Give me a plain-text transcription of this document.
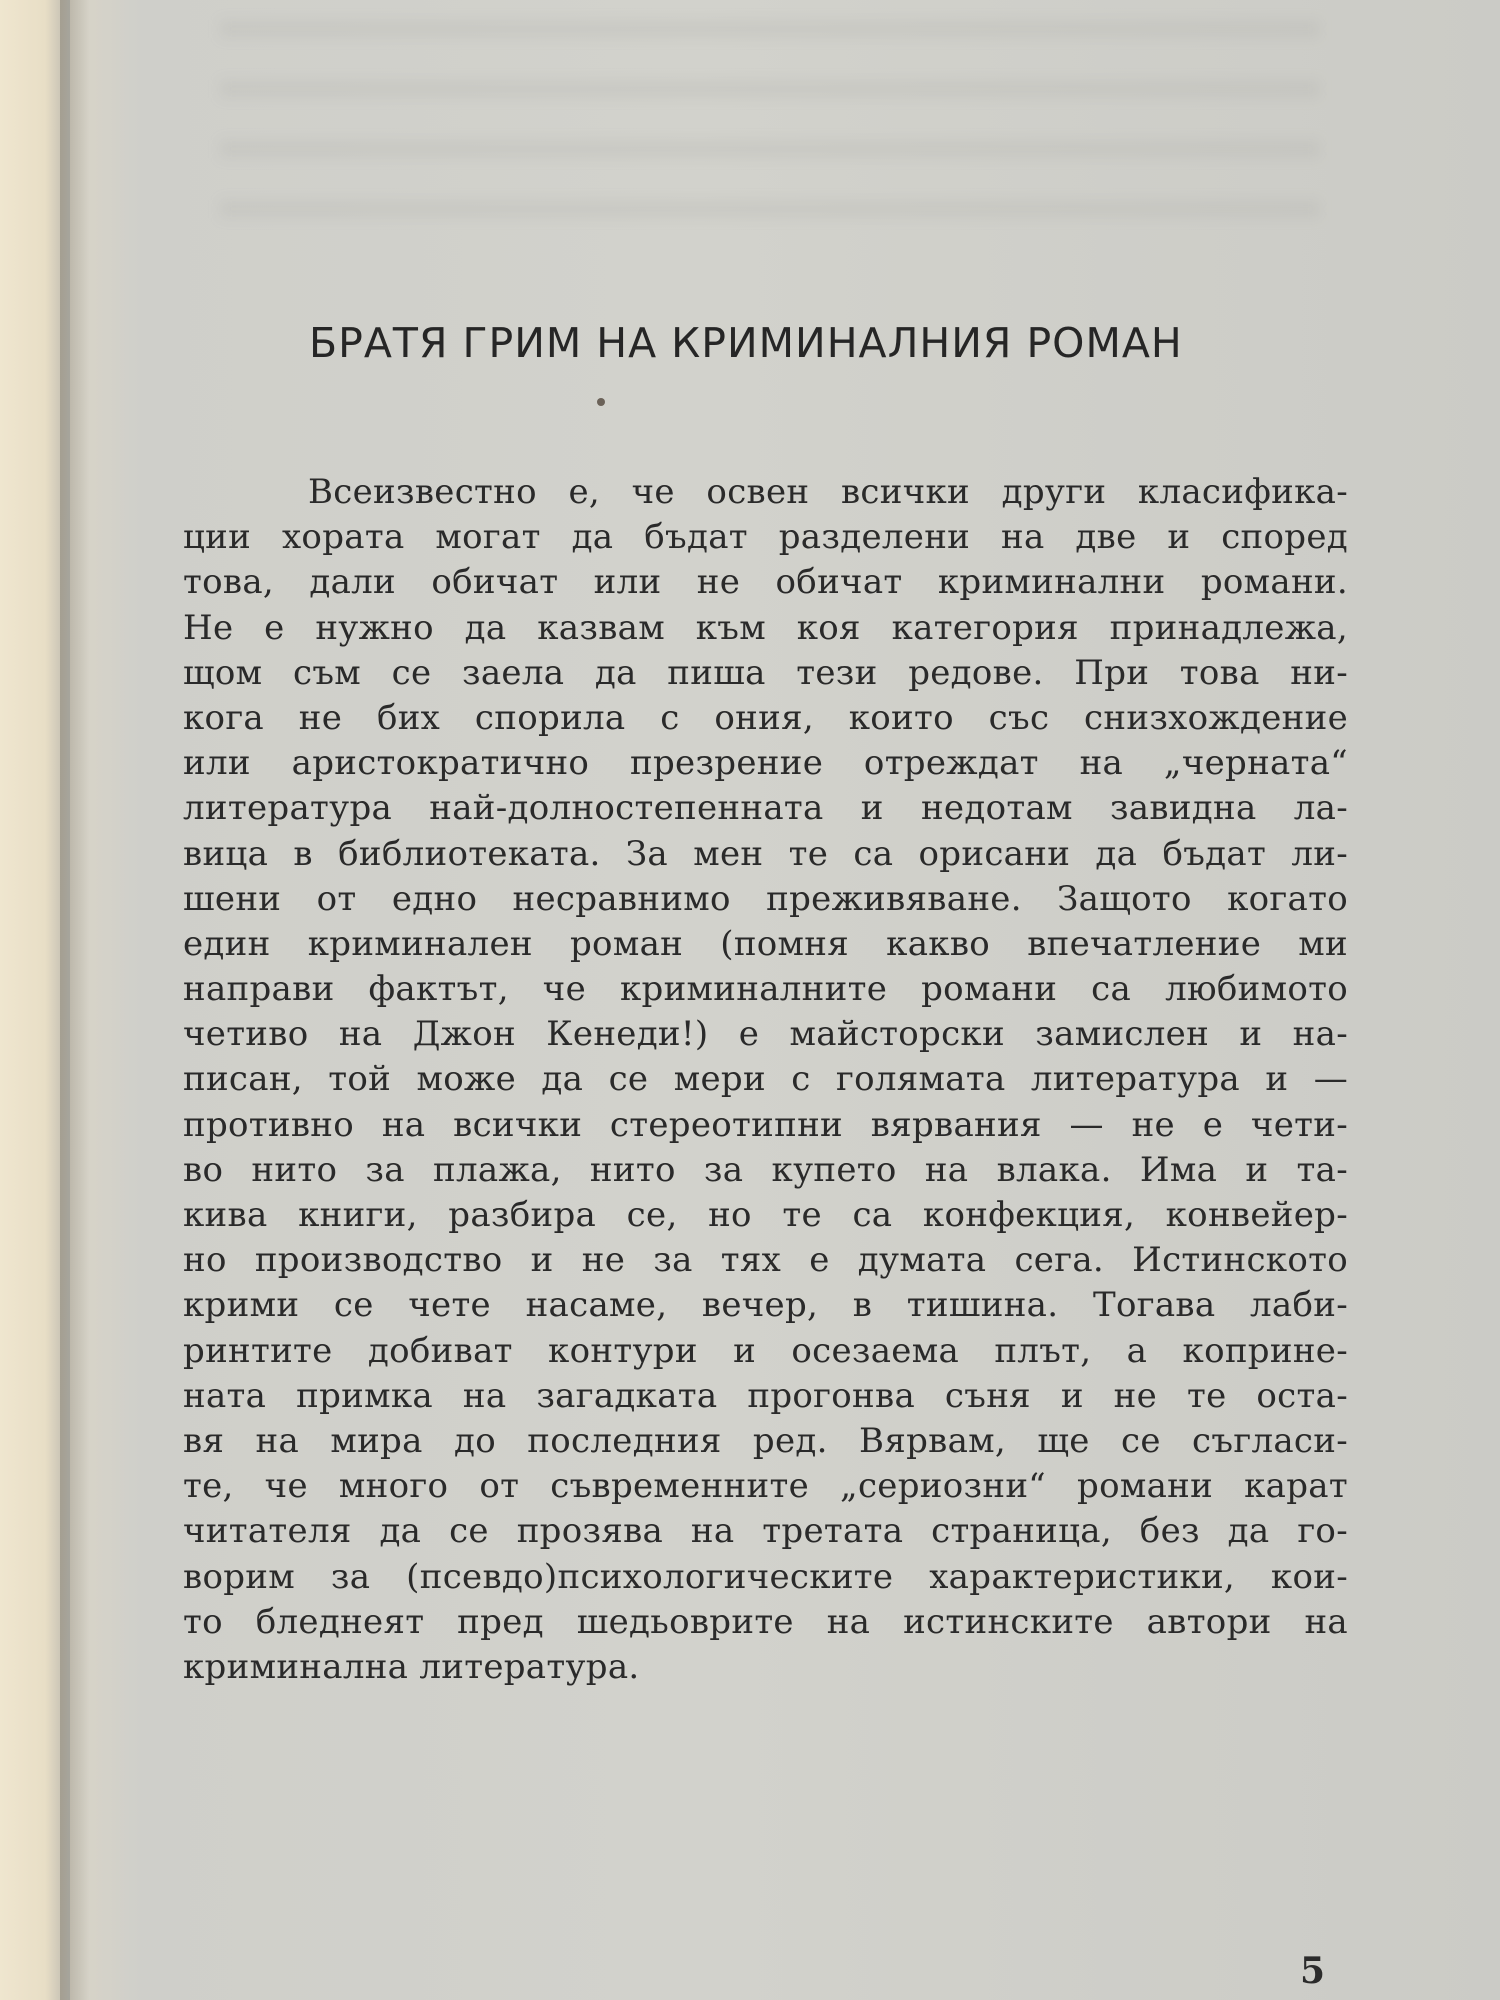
БРАТЯ ГРИМ НА КРИМИНАЛНИЯ РОМАН
Всеизвестно е, че освен всички други класифика-
ции хората могат да бъдат разделени на две и според
това, дали обичат или не обичат криминални романи.
Не е нужно да казвам към коя категория принадлежа,
щом съм се заела да пиша тези редове. При това ни-
кога не бих спорила с ония, които със снизхождение
или аристократично презрение отреждат на „черната“
литература най-долностепенната и недотам завидна ла-
вица в библиотеката. За мен те са орисани да бъдат ли-
шени от едно несравнимо преживяване. Защото когато
един криминален роман (помня какво впечатление ми
направи фактът, че криминалните романи са любимото
четиво на Джон Кенеди!) е майсторски замислен и на-
писан, той може да се мери с голямата литература и —
противно на всички стереотипни вярвания — не е чети-
во нито за плажа, нито за купето на влака. Има и та-
кива книги, разбира се, но те са конфекция, конвейер-
но производство и не за тях е думата сега. Истинското
крими се чете насаме, вечер, в тишина. Тогава лаби-
ринтите добиват контури и осезаема плът, а коприне-
ната примка на загадката прогонва съня и не те оста-
вя на мира до последния ред. Вярвам, ще се съгласи-
те, че много от съвременните „сериозни“ романи карат
читателя да се прозява на третата страница, без да го-
ворим за (псевдо)психологическите характеристики, кои-
то бледнеят пред шедьоврите на истинските автори на
криминална литература.
5
